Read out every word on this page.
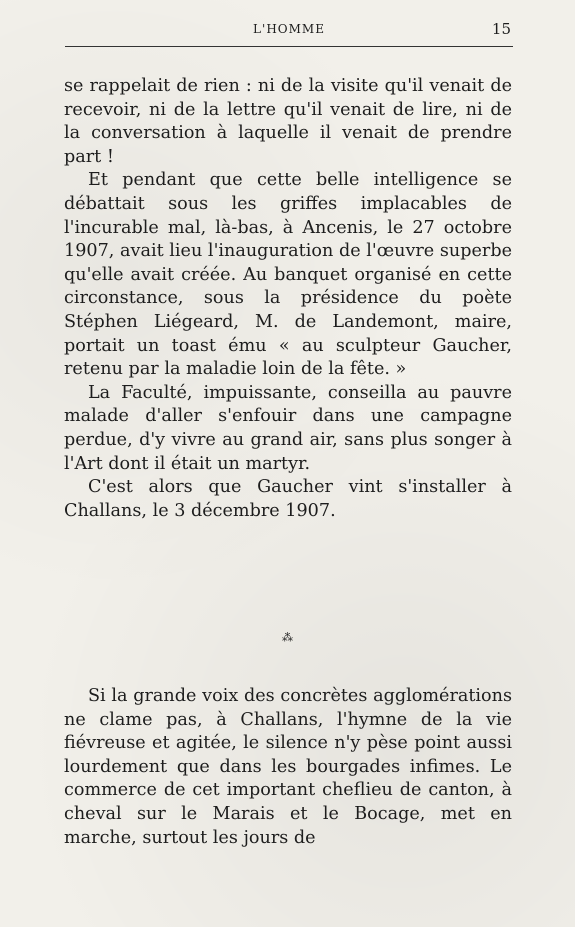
L'HOMME	15

se rappelait de rien : ni de la visite qu'il venait de recevoir, ni de la lettre qu'il venait de lire, ni de la conversation à laquelle il venait de prendre part !

Et pendant que cette belle intelligence se débattait sous les griffes implacables de l'incurable mal, là-bas, à Ancenis, le 27 octobre 1907, avait lieu l'inauguration de l'œuvre superbe qu'elle avait créée. Au banquet organisé en cette circonstance, sous la présidence du poète Stéphen Liégeard, M. de Landemont, maire, portait un toast ému « au sculpteur Gaucher, retenu par la maladie loin de la fête. »

La Faculté, impuissante, conseilla au pauvre malade d'aller s'enfouir dans une campagne perdue, d'y vivre au grand air, sans plus songer à l'Art dont il était un martyr.

C'est alors que Gaucher vint s'installer à Challans, le 3 décembre 1907.

⁂

Si la grande voix des concrètes agglomérations ne clame pas, à Challans, l'hymne de la vie fiévreuse et agitée, le silence n'y pèse point aussi lourdement que dans les bourgades infimes. Le commerce de cet important cheflieu de canton, à cheval sur le Marais et le Bocage, met en marche, surtout les jours de
